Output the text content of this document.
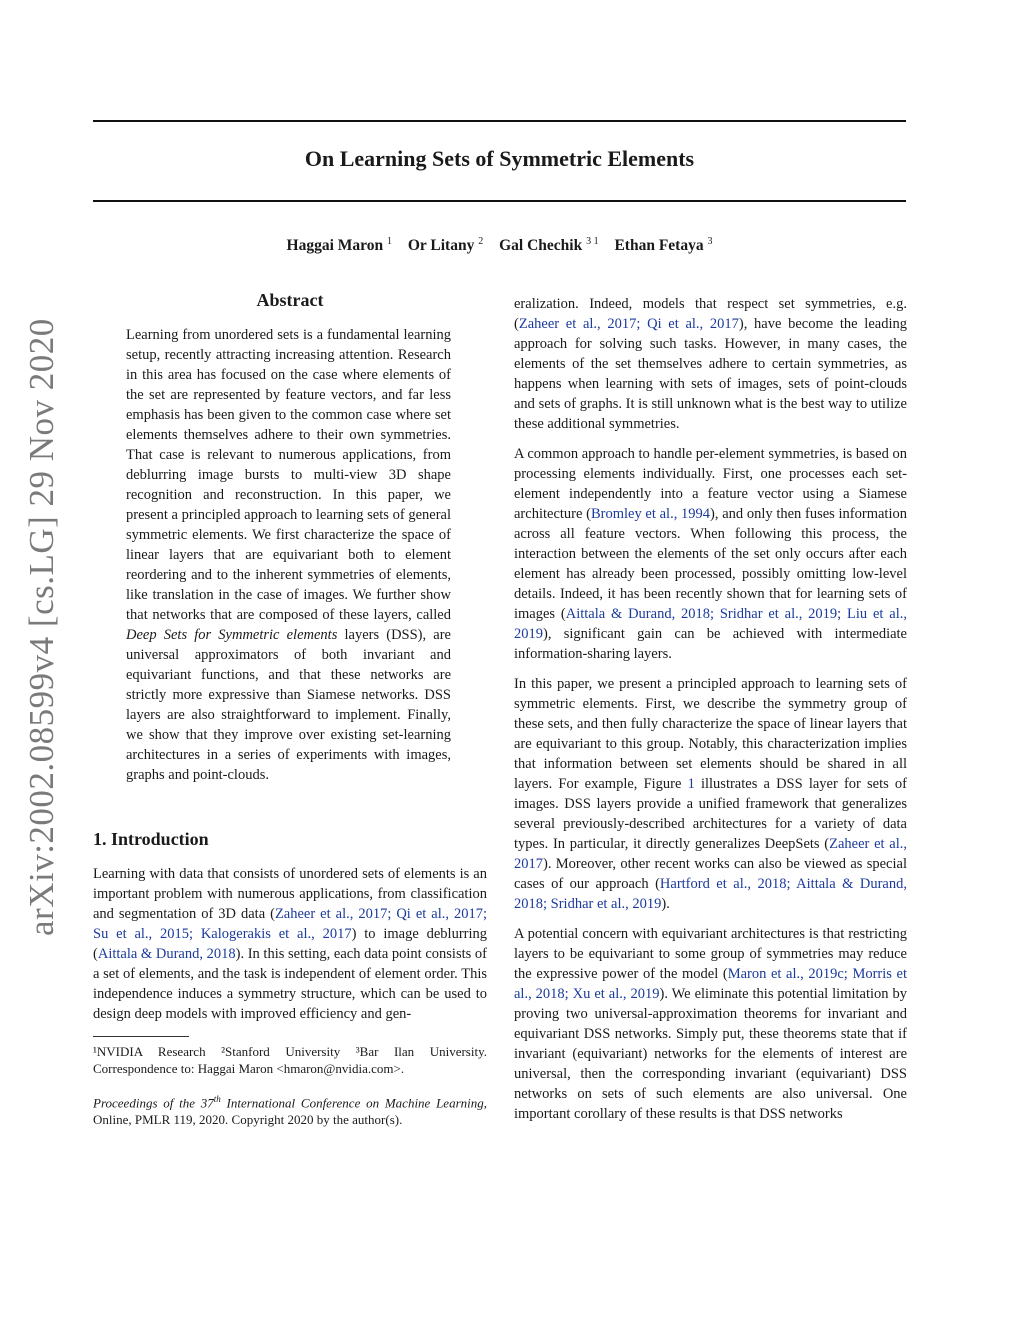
On Learning Sets of Symmetric Elements
Haggai Maron $^1$ Or Litany $^2$ Gal Chechik $^{3 1}$ Ethan Fetaya $^3$
arXiv:2002.08599v4 [cs.LG] 29 Nov 2020
Abstract
Learning from unordered sets is a fundamental learning setup, recently attracting increasing attention. Research in this area has focused on the case where elements of the set are represented by feature vectors, and far less emphasis has been given to the common case where set elements themselves adhere to their own symmetries. That case is relevant to numerous applications, from deblurring image bursts to multi-view 3D shape recognition and reconstruction. In this paper, we present a principled approach to learning sets of general symmetric elements. We first characterize the space of linear layers that are equivariant both to element reordering and to the inherent symmetries of elements, like translation in the case of images. We further show that networks that are composed of these layers, called Deep Sets for Symmetric elements layers (DSS), are universal approximators of both invariant and equivariant functions, and that these networks are strictly more expressive than Siamese networks. DSS layers are also straightforward to implement. Finally, we show that they improve over existing set-learning architectures in a series of experiments with images, graphs and point-clouds.
1. Introduction

Learning with data that consists of unordered sets of elements is an important problem with numerous applications, from classification and segmentation of 3D data (Zaheer et al., 2017; Qi et al., 2017; Su et al., 2015; Kalogerakis et al., 2017) to image deblurring (Aittala & Durand, 2018). In this setting, each data point consists of a set of elements, and the task is independent of element order. This independence induces a symmetry structure, which can be used to design deep models with improved efficiency and gen-

¹NVIDIA Research ²Stanford University ³Bar Ilan University. Correspondence to: Haggai Maron <hmaron@nvidia.com>.

Proceedings of the 37th International Conference on Machine Learning, Online, PMLR 119, 2020. Copyright 2020 by the author(s).

eralization. Indeed, models that respect set symmetries, e.g. (Zaheer et al., 2017; Qi et al., 2017), have become the leading approach for solving such tasks. However, in many cases, the elements of the set themselves adhere to certain symmetries, as happens when learning with sets of images, sets of point-clouds and sets of graphs. It is still unknown what is the best way to utilize these additional symmetries.

A common approach to handle per-element symmetries, is based on processing elements individually. First, one processes each set-element independently into a feature vector using a Siamese architecture (Bromley et al., 1994), and only then fuses information across all feature vectors. When following this process, the interaction between the elements of the set only occurs after each element has already been processed, possibly omitting low-level details. Indeed, it has been recently shown that for learning sets of images (Aittala & Durand, 2018; Sridhar et al., 2019; Liu et al., 2019), significant gain can be achieved with intermediate information-sharing layers.

In this paper, we present a principled approach to learning sets of symmetric elements. First, we describe the symmetry group of these sets, and then fully characterize the space of linear layers that are equivariant to this group. Notably, this characterization implies that information between set elements should be shared in all layers. For example, Figure 1 illustrates a DSS layer for sets of images. DSS layers provide a unified framework that generalizes several previously-described architectures for a variety of data types. In particular, it directly generalizes DeepSets (Zaheer et al., 2017). Moreover, other recent works can also be viewed as special cases of our approach (Hartford et al., 2018; Aittala & Durand, 2018; Sridhar et al., 2019).

A potential concern with equivariant architectures is that restricting layers to be equivariant to some group of symmetries may reduce the expressive power of the model (Maron et al., 2019c; Morris et al., 2018; Xu et al., 2019). We eliminate this potential limitation by proving two universal-approximation theorems for invariant and equivariant DSS networks. Simply put, these theorems state that if invariant (equivariant) networks for the elements of interest are universal, then the corresponding invariant (equivariant) DSS networks on sets of such elements are also universal. One important corollary of these results is that DSS networks
